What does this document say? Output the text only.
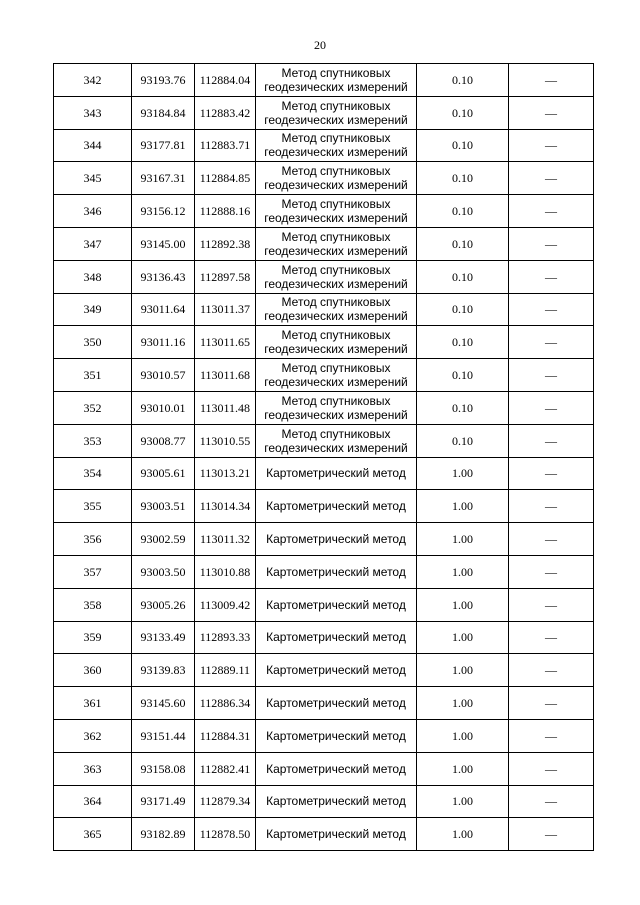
20
342	93193.76	112884.04	Метод спутниковых геодезических измерений	0.10	—
343	93184.84	112883.42	Метод спутниковых геодезических измерений	0.10	—
344	93177.81	112883.71	Метод спутниковых геодезических измерений	0.10	—
345	93167.31	112884.85	Метод спутниковых геодезических измерений	0.10	—
346	93156.12	112888.16	Метод спутниковых геодезических измерений	0.10	—
347	93145.00	112892.38	Метод спутниковых геодезических измерений	0.10	—
348	93136.43	112897.58	Метод спутниковых геодезических измерений	0.10	—
349	93011.64	113011.37	Метод спутниковых геодезических измерений	0.10	—
350	93011.16	113011.65	Метод спутниковых геодезических измерений	0.10	—
351	93010.57	113011.68	Метод спутниковых геодезических измерений	0.10	—
352	93010.01	113011.48	Метод спутниковых геодезических измерений	0.10	—
353	93008.77	113010.55	Метод спутниковых геодезических измерений	0.10	—
354	93005.61	113013.21	Картометрический метод	1.00	—
355	93003.51	113014.34	Картометрический метод	1.00	—
356	93002.59	113011.32	Картометрический метод	1.00	—
357	93003.50	113010.88	Картометрический метод	1.00	—
358	93005.26	113009.42	Картометрический метод	1.00	—
359	93133.49	112893.33	Картометрический метод	1.00	—
360	93139.83	112889.11	Картометрический метод	1.00	—
361	93145.60	112886.34	Картометрический метод	1.00	—
362	93151.44	112884.31	Картометрический метод	1.00	—
363	93158.08	112882.41	Картометрический метод	1.00	—
364	93171.49	112879.34	Картометрический метод	1.00	—
365	93182.89	112878.50	Картометрический метод	1.00	—
